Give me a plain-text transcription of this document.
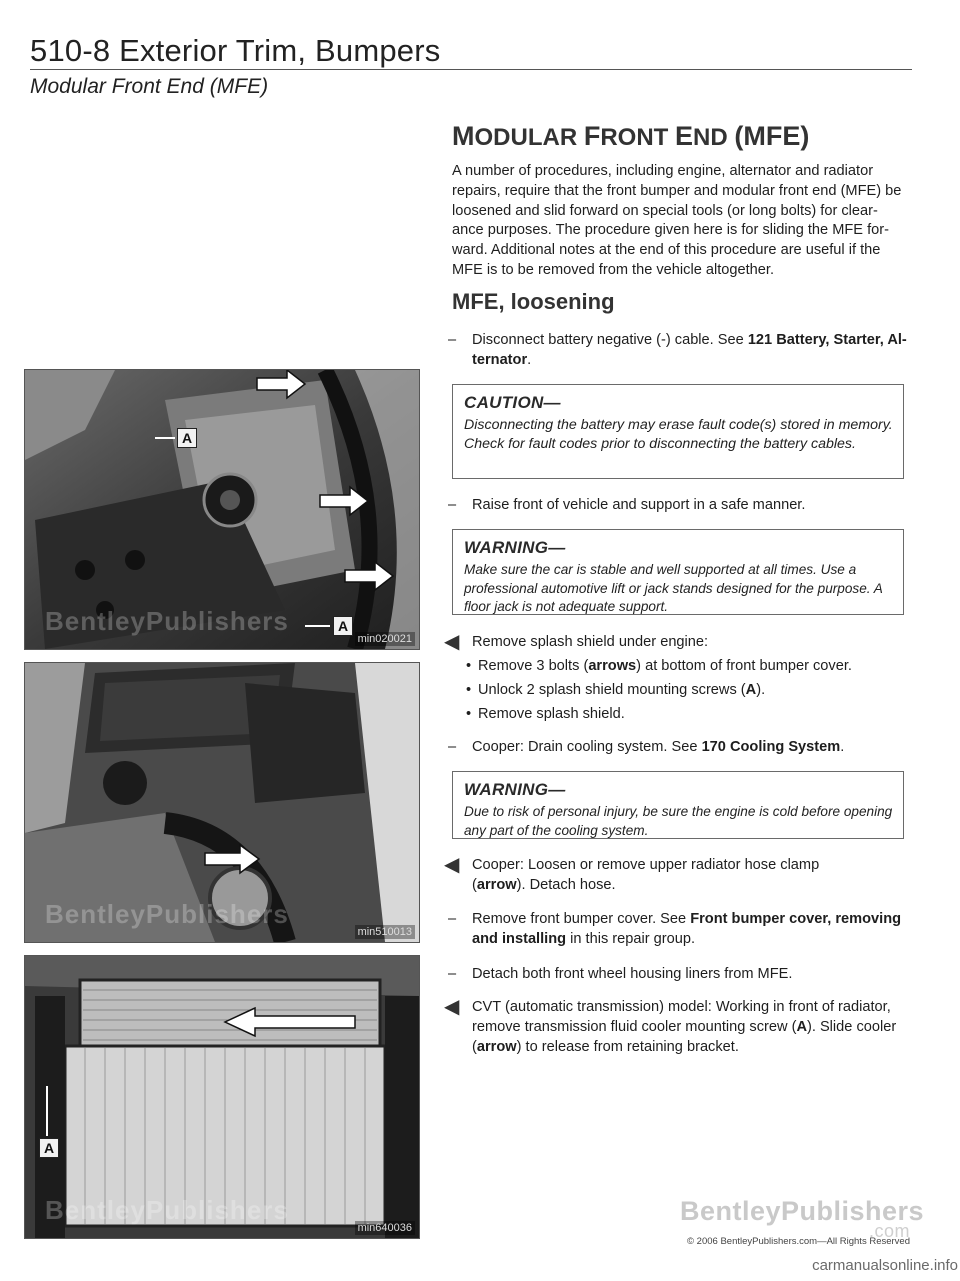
510-8 Exterior Trim, Bumpers
Modular Front End (MFE)
MODULAR FRONT END (MFE)
A number of procedures, including engine, alternator and radiator repairs, require that the front bumper and modular front end (MFE) be loosened and slid forward on special tools (or long bolts) for clear-ance purposes. The procedure given here is for sliding the MFE for-ward. Additional notes at the end of this procedure are useful if the MFE is to be removed from the vehicle altogether.
MFE, loosening
– Disconnect battery negative (-) cable. See 121 Battery, Starter, Al-ternator.
CAUTION—
Disconnecting the battery may erase fault code(s) stored in memory. Check for fault codes prior to disconnecting the battery cables.
– Raise front of vehicle and support in a safe manner.
WARNING—
Make sure the car is stable and well supported at all times. Use a professional automotive lift or jack stands designed for the purpose. A floor jack is not adequate support.
◀ Remove splash shield under engine:
• Remove 3 bolts (arrows) at bottom of front bumper cover.
• Unlock 2 splash shield mounting screws (A).
• Remove splash shield.
– Cooper: Drain cooling system. See 170 Cooling System.
WARNING—
Due to risk of personal injury, be sure the engine is cold before opening any part of the cooling system.
◀ Cooper: Loosen or remove upper radiator hose clamp (arrow). Detach hose.
– Remove front bumper cover. See Front bumper cover, removing and installing in this repair group.
– Detach both front wheel housing liners from MFE.
◀ CVT (automatic transmission) model: Working in front of radiator, remove transmission fluid cooler mounting screw (A). Slide cooler (arrow) to release from retaining bracket.
A
A
BentleyPublishers
min020021
BentleyPublishers
min510013
A
BentleyPublishers
min640036
BentleyPublishers
.com
© 2006 BentleyPublishers.com—All Rights Reserved
carmanualsonline.info
